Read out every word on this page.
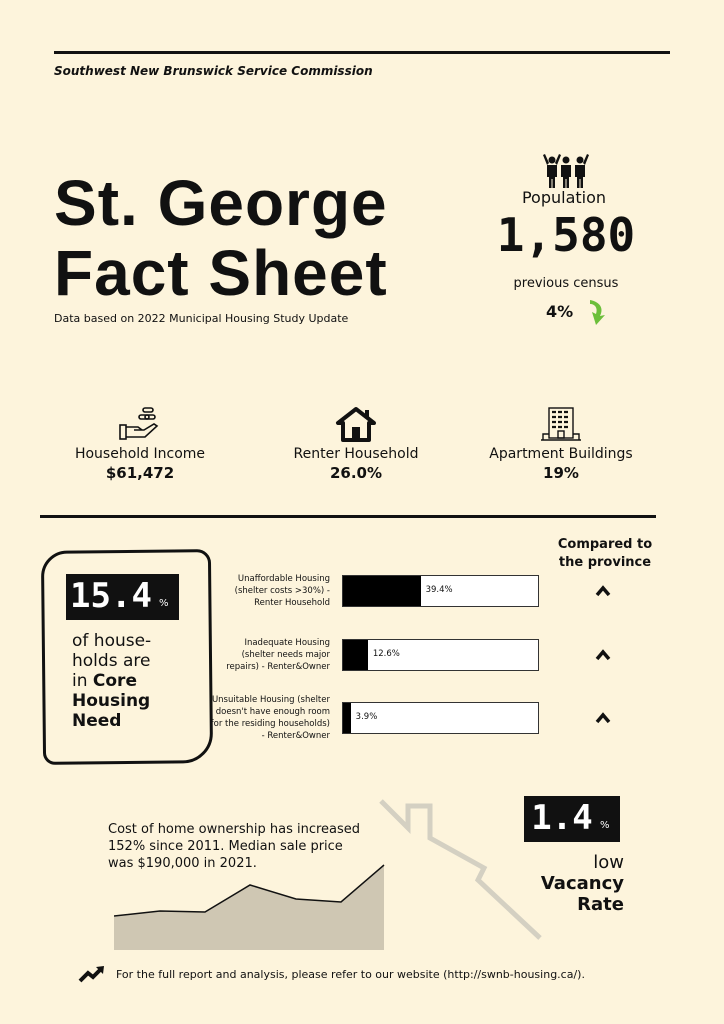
Southwest New Brunswick Service Commission
St. George
Fact Sheet
Data based on 2022 Municipal Housing Study Update
Population
1,580
previous census
4%
Household Income
$61,472
Renter Household
26.0%
Apartment Buildings
19%
15.4 %
of house-
holds are
in Core
Housing
Need
Compared to
the province
Unaffordable Housing
(shelter costs >30%) -
Renter Household
39.4%
Inadequate Housing
(shelter needs major
repairs) - Renter&Owner
12.6%
Unsuitable Housing (shelter
doesn't have enough room
for the residing households)
- Renter&Owner
3.9%
Cost of home ownership has increased
152% since 2011. Median sale price
was $190,000 in 2021.
1.4 %
low
Vacancy
Rate
For the full report and analysis, please refer to our website (http://swnb-housing.ca/).
